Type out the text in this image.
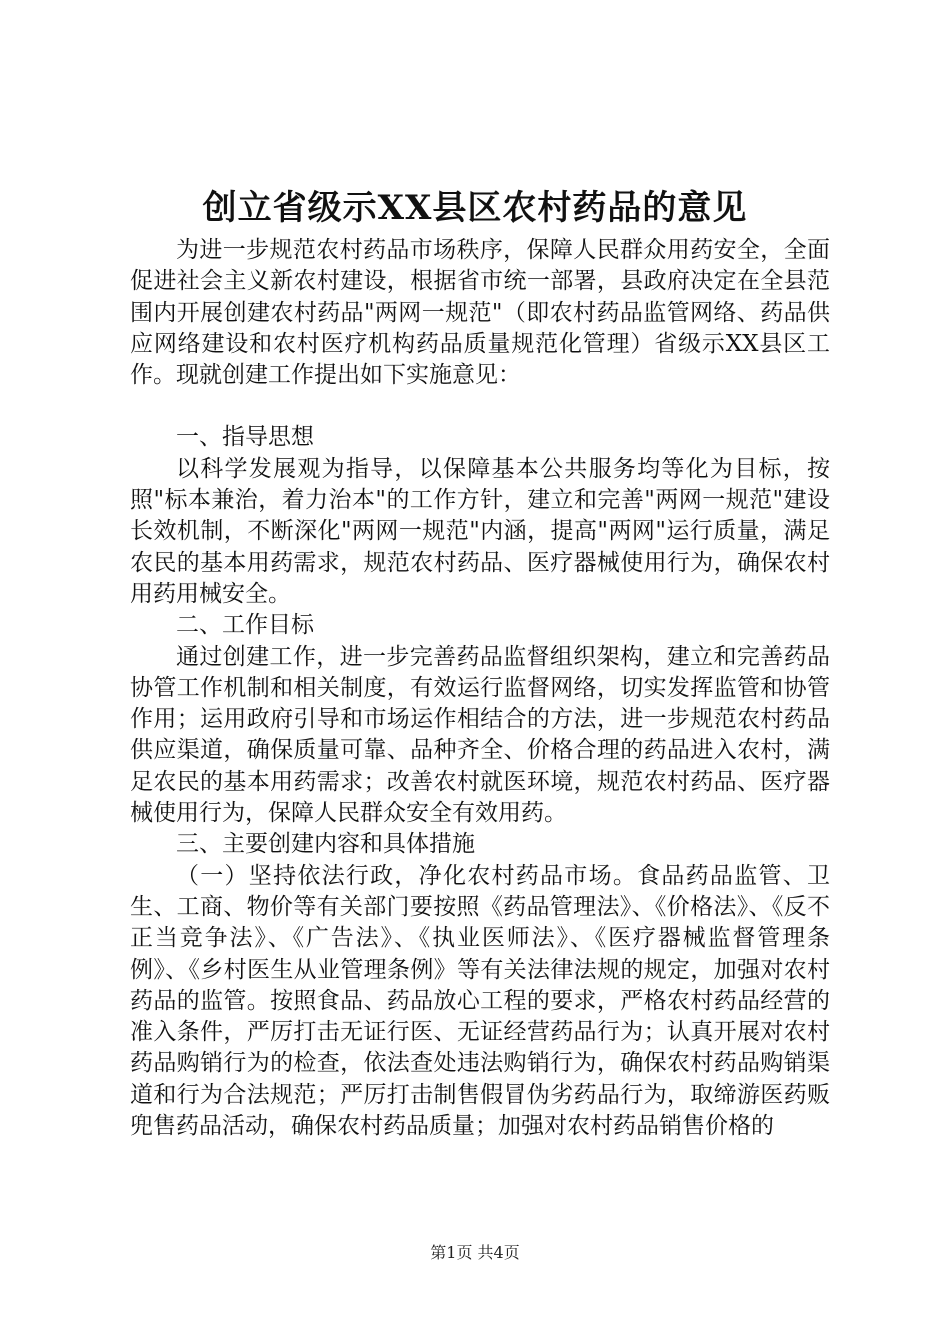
创立省级示XX县区农村药品的意见

为进一步规范农村药品市场秩序，保障人民群众用药安全，全面促进社会主义新农村建设，根据省市统一部署，县政府决定在全县范围内开展创建农村药品"两网一规范"（即农村药品监管网络、药品供应网络建设和农村医疗机构药品质量规范化管理）省级示XX县区工作。现就创建工作提出如下实施意见：

一、指导思想

以科学发展观为指导，以保障基本公共服务均等化为目标，按照"标本兼治，着力治本"的工作方针，建立和完善"两网一规范"建设长效机制，不断深化"两网一规范"内涵，提高"两网"运行质量，满足农民的基本用药需求，规范农村药品、医疗器械使用行为，确保农村用药用械安全。

二、工作目标

通过创建工作，进一步完善药品监督组织架构，建立和完善药品协管工作机制和相关制度，有效运行监督网络，切实发挥监管和协管作用；运用政府引导和市场运作相结合的方法，进一步规范农村药品供应渠道，确保质量可靠、品种齐全、价格合理的药品进入农村，满足农民的基本用药需求；改善农村就医环境，规范农村药品、医疗器械使用行为，保障人民群众安全有效用药。

三、主要创建内容和具体措施

（一）坚持依法行政，净化农村药品市场。食品药品监管、卫生、工商、物价等有关部门要按照《药品管理法》、《价格法》、《反不正当竞争法》、《广告法》、《执业医师法》、《医疗器械监督管理条例》、《乡村医生从业管理条例》等有关法律法规的规定，加强对农村药品的监管。按照食品、药品放心工程的要求，严格农村药品经营的准入条件，严厉打击无证行医、无证经营药品行为；认真开展对农村药品购销行为的检查，依法查处违法购销行为，确保农村药品购销渠道和行为合法规范；严厉打击制售假冒伪劣药品行为，取缔游医药贩兜售药品活动，确保农村药品质量；加强对农村药品销售价格的

第1页 共4页
